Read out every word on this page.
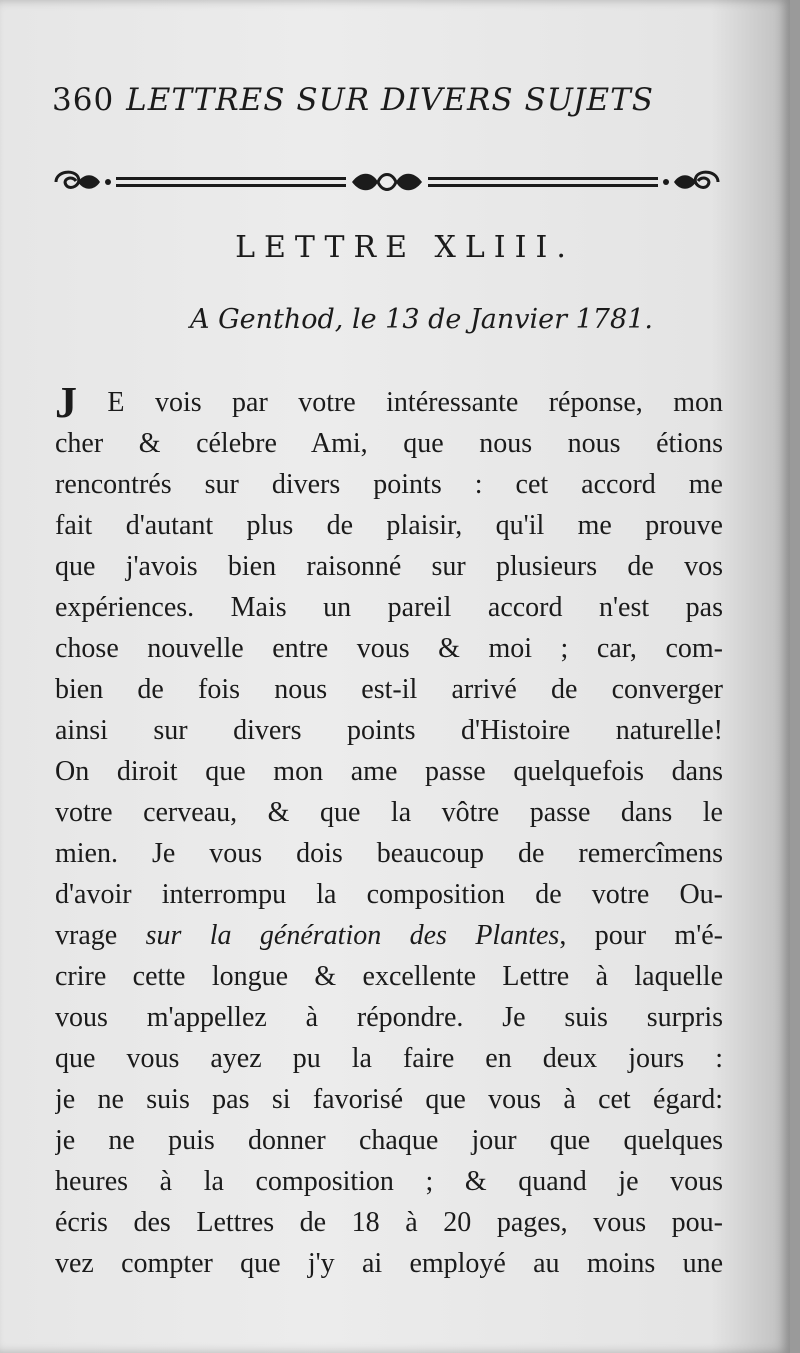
360 LETTRES SUR DIVERS SUJETS
LETTRE XLIII.
A Genthod, le 13 de Janvier 1781.
J E vois par votre intéressante réponse, mon
cher & célebre Ami, que nous nous étions
rencontrés sur divers points : cet accord me
fait d'autant plus de plaisir, qu'il me prouve
que j'avois bien raisonné sur plusieurs de vos
expériences. Mais un pareil accord n'est pas
chose nouvelle entre vous & moi ; car, com-
bien de fois nous est-il arrivé de converger
ainsi sur divers points d'Histoire naturelle!
On diroit que mon ame passe quelquefois dans
votre cerveau, & que la vôtre passe dans le
mien. Je vous dois beaucoup de remercîmens
d'avoir interrompu la composition de votre Ou-
vrage sur la génération des Plantes, pour m'é-
crire cette longue & excellente Lettre à laquelle
vous m'appellez à répondre. Je suis surpris
que vous ayez pu la faire en deux jours :
je ne suis pas si favorisé que vous à cet égard:
je ne puis donner chaque jour que quelques
heures à la composition ; & quand je vous
écris des Lettres de 18 à 20 pages, vous pou-
vez compter que j'y ai employé au moins une
